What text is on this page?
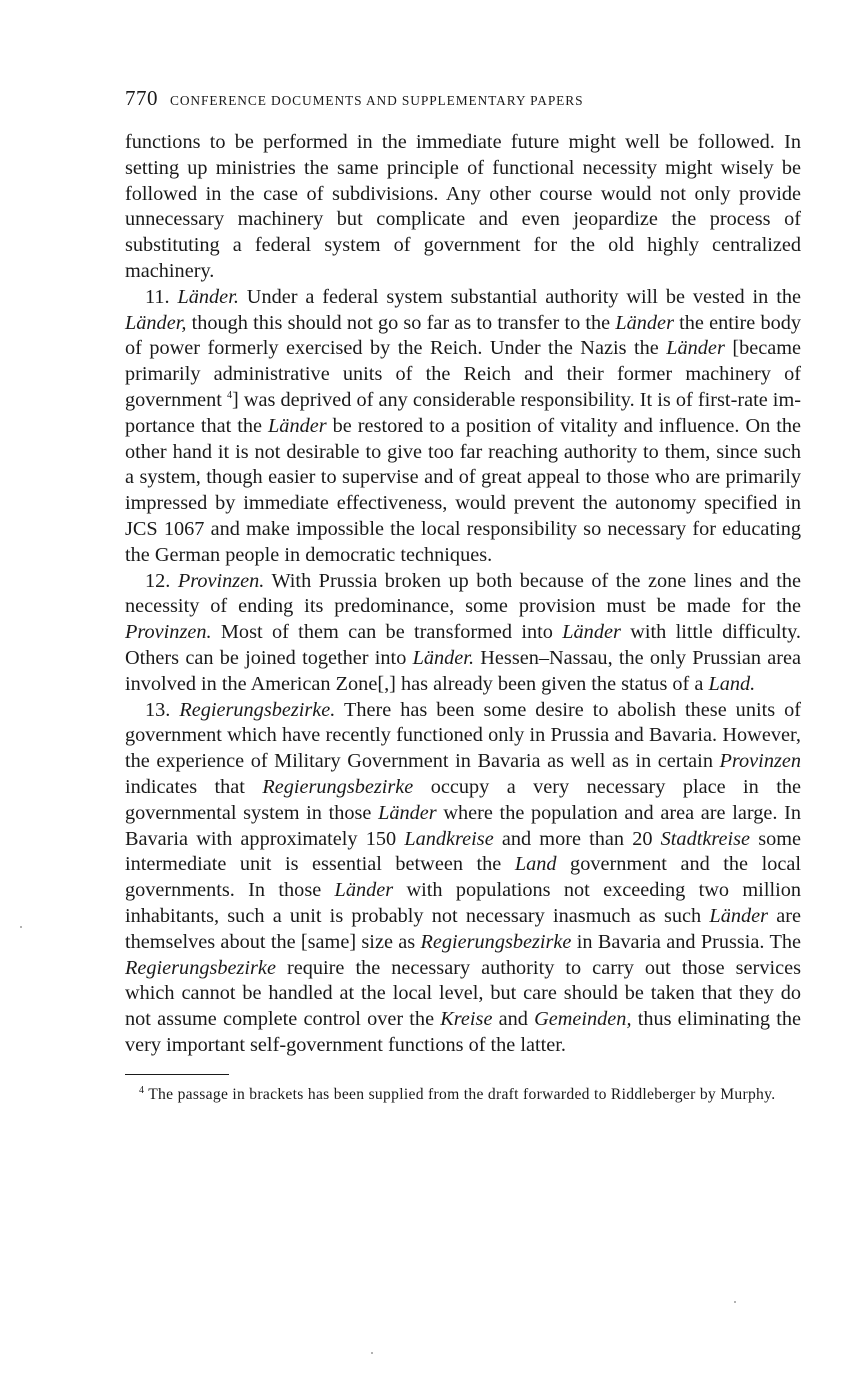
770 CONFERENCE DOCUMENTS AND SUPPLEMENTARY PAPERS

functions to be performed in the immediate future might well be followed. In setting up ministries the same principle of functional necessity might wisely be followed in the case of subdivisions. Any other course would not only provide unnecessary machinery but complicate and even jeopardize the process of substituting a federal system of government for the old highly centralized machinery.

11. Länder. Under a federal system substantial authority will be vested in the Länder, though this should not go so far as to transfer to the Länder the entire body of power formerly exercised by the Reich. Under the Nazis the Länder [became primarily administrative units of the Reich and their former machinery of government $^4$] was deprived of any considerable responsibility. It is of first-rate importance that the Länder be restored to a position of vitality and influence. On the other hand it is not desirable to give too far reaching authority to them, since such a system, though easier to supervise and of great appeal to those who are primarily impressed by immediate effectiveness, would prevent the autonomy specified in JCS 1067 and make impossible the local responsibility so necessary for educating the German people in democratic techniques.

12. Provinzen. With Prussia broken up both because of the zone lines and the necessity of ending its predominance, some provision must be made for the Provinzen. Most of them can be transformed into Länder with little difficulty. Others can be joined together into Länder. Hessen–Nassau, the only Prussian area involved in the American Zone[,] has already been given the status of a Land.

13. Regierungsbezirke. There has been some desire to abolish these units of government which have recently functioned only in Prussia and Bavaria. However, the experience of Military Government in Bavaria as well as in certain Provinzen indicates that Regierungsbezirke occupy a very necessary place in the governmental system in those Länder where the population and area are large. In Bavaria with approximately 150 Landkreise and more than 20 Stadtkreise some intermediate unit is essential between the Land government and the local governments. In those Länder with populations not exceeding two million inhabitants, such a unit is probably not necessary inasmuch as such Länder are themselves about the [same] size as Regierungsbezirke in Bavaria and Prussia. The Regierungsbezirke require the necessary authority to carry out those services which cannot be handled at the local level, but care should be taken that they do not assume complete control over the Kreise and Gemeinden, thus eliminating the very important self-government functions of the latter.

$^4$ The passage in brackets has been supplied from the draft forwarded to Riddleberger by Murphy.
